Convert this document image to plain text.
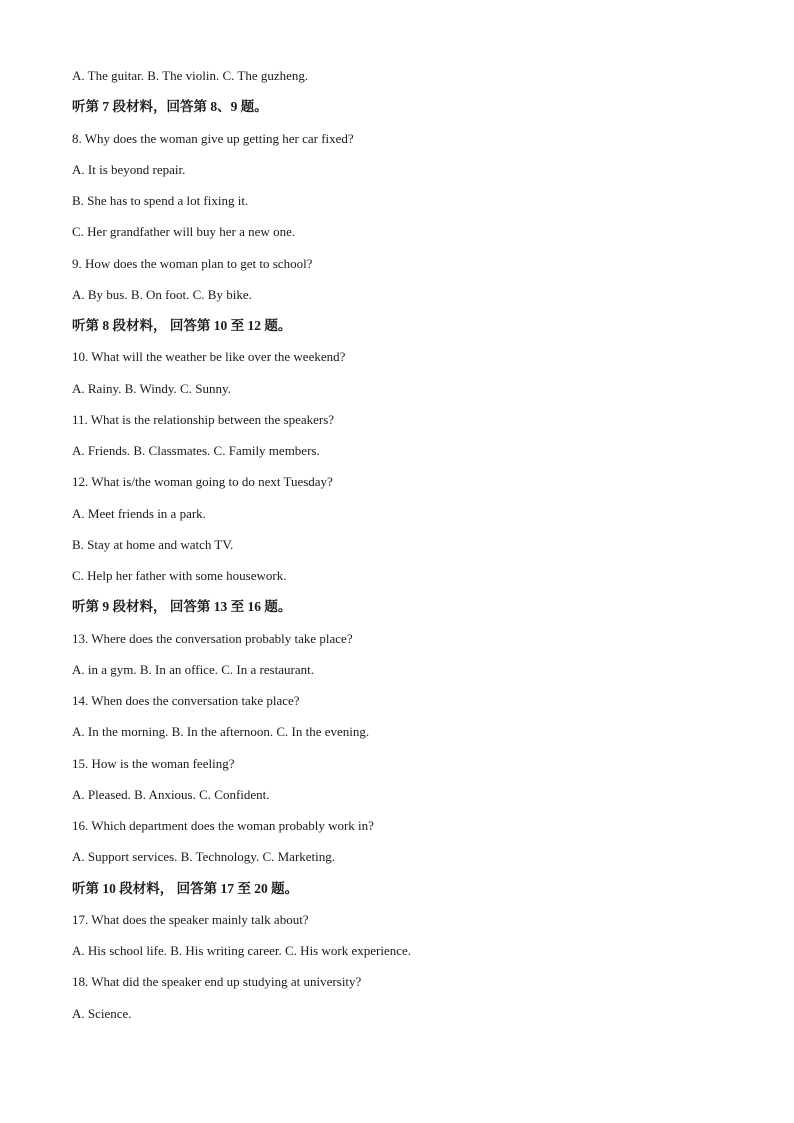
A. The guitar. B. The violin. C. The guzheng.
听第 7 段材料，回答第 8、9 题。
8. Why does the woman give up getting her car fixed?
A. It is beyond repair.
B. She has to spend a lot fixing it.
C. Her grandfather will buy her a new one.
9. How does the woman plan to get to school?
A. By bus. B. On foot. C. By bike.
听第 8 段材料， 回答第 10 至 12 题。
10. What will the weather be like over the weekend?
A. Rainy. B. Windy. C. Sunny.
11. What is the relationship between the speakers?
A. Friends. B. Classmates. C. Family members.
12. What is/the woman going to do next Tuesday?
A. Meet friends in a park.
B. Stay at home and watch TV.
C. Help her father with some housework.
听第 9 段材料， 回答第 13 至 16 题。
13. Where does the conversation probably take place?
A. in a gym. B. In an office. C. In a restaurant.
14. When does the conversation take place?
A. In the morning. B. In the afternoon. C. In the evening.
15. How is the woman feeling?
A. Pleased. B. Anxious. C. Confident.
16. Which department does the woman probably work in?
A. Support services. B. Technology. C. Marketing.
听第 10 段材料， 回答第 17 至 20 题。
17. What does the speaker mainly talk about?
A. His school life. B. His writing career. C. His work experience.
18. What did the speaker end up studying at university?
A. Science.
